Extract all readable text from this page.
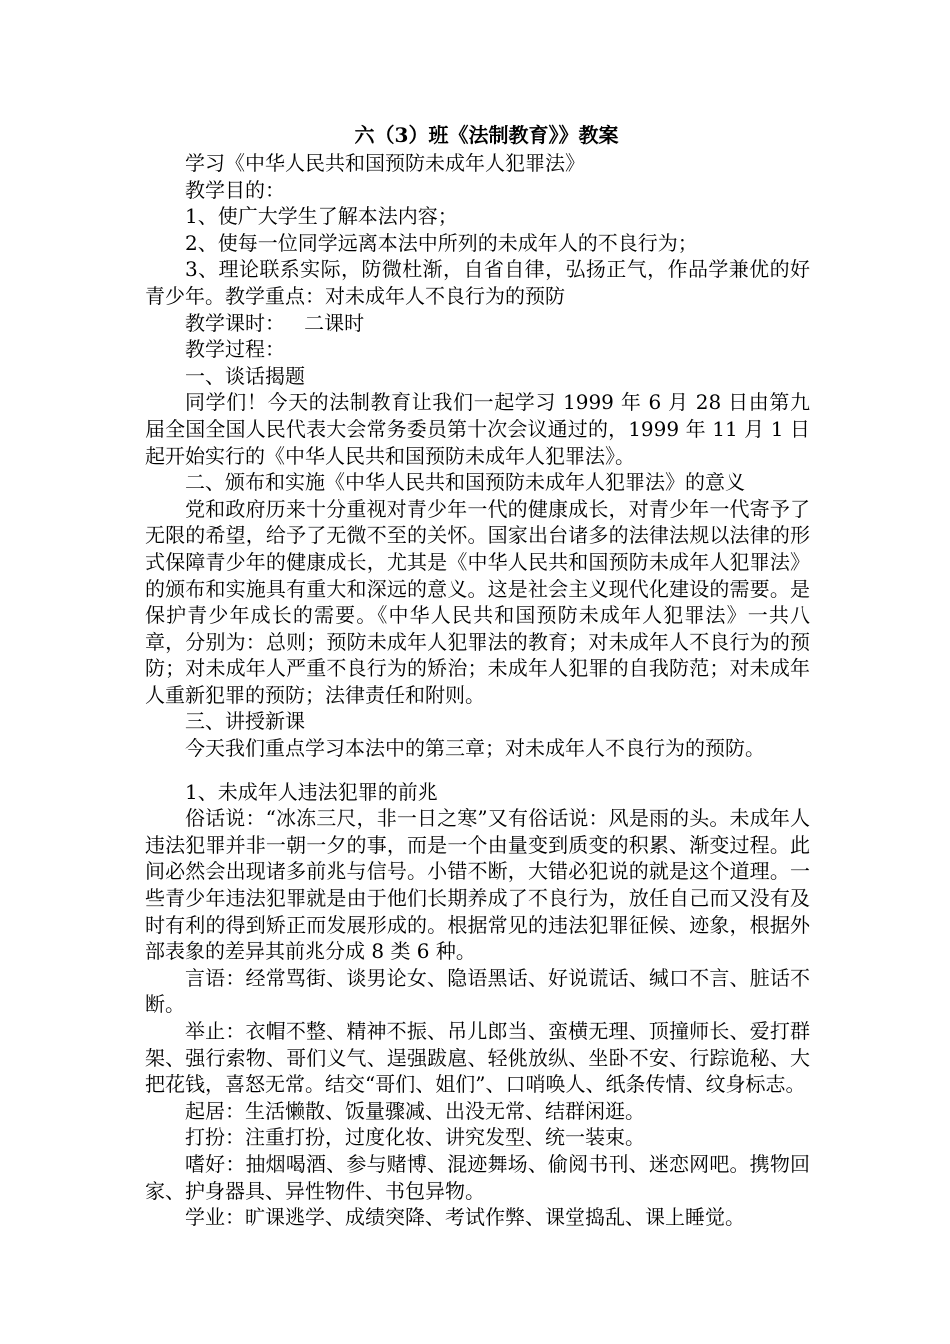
六（3）班《法制教育》》教案

学习《中华人民共和国预防未成年人犯罪法》

教学目的：

1、使广大学生了解本法内容；

2、使每一位同学远离本法中所列的未成年人的不良行为；

3、理论联系实际，防微杜渐，自省自律，弘扬正气，作品学兼优的好青少年。教学重点：对未成年人不良行为的预防

教学课时：   二课时

教学过程：

一、谈话揭题

同学们！今天的法制教育让我们一起学习 1999 年 6 月 28 日由第九届全国全国人民代表大会常务委员第十次会议通过的，1999 年 11 月 1 日起开始实行的《中华人民共和国预防未成年人犯罪法》。

二、颁布和实施《中华人民共和国预防未成年人犯罪法》的意义

党和政府历来十分重视对青少年一代的健康成长，对青少年一代寄予了无限的希望，给予了无微不至的关怀。国家出台诸多的法律法规以法律的形式保障青少年的健康成长，尤其是《中华人民共和国预防未成年人犯罪法》的颁布和实施具有重大和深远的意义。这是社会主义现代化建设的需要。是保护青少年成长的需要。《中华人民共和国预防未成年人犯罪法》一共八章，分别为：总则；预防未成年人犯罪法的教育；对未成年人不良行为的预防；对未成年人严重不良行为的矫治；未成年人犯罪的自我防范；对未成年人重新犯罪的预防；法律责任和附则。

三、讲授新课

今天我们重点学习本法中的第三章；对未成年人不良行为的预防。

1、未成年人违法犯罪的前兆

俗话说：“冰冻三尺，非一日之寒”又有俗话说：风是雨的头。未成年人违法犯罪并非一朝一夕的事，而是一个由量变到质变的积累、渐变过程。此间必然会出现诸多前兆与信号。小错不断，大错必犯说的就是这个道理。一些青少年违法犯罪就是由于他们长期养成了不良行为，放任自己而又没有及时有利的得到矫正而发展形成的。根据常见的违法犯罪征候、迹象，根据外部表象的差异其前兆分成 8 类 6 种。

言语：经常骂街、谈男论女、隐语黑话、好说谎话、缄口不言、脏话不断。

举止：衣帽不整、精神不振、吊儿郎当、蛮横无理、顶撞师长、爱打群架、强行索物、哥们义气、逞强跋扈、轻佻放纵、坐卧不安、行踪诡秘、大把花钱，喜怒无常。结交“哥们、姐们”、口哨唤人、纸条传情、纹身标志。

起居：生活懒散、饭量骤减、出没无常、结群闲逛。

打扮：注重打扮，过度化妆、讲究发型、统一装束。

嗜好：抽烟喝酒、参与赌博、混迹舞场、偷阅书刊、迷恋网吧。携物回家、护身器具、异性物件、书包异物。

学业：旷课逃学、成绩突降、考试作弊、课堂捣乱、课上睡觉。
